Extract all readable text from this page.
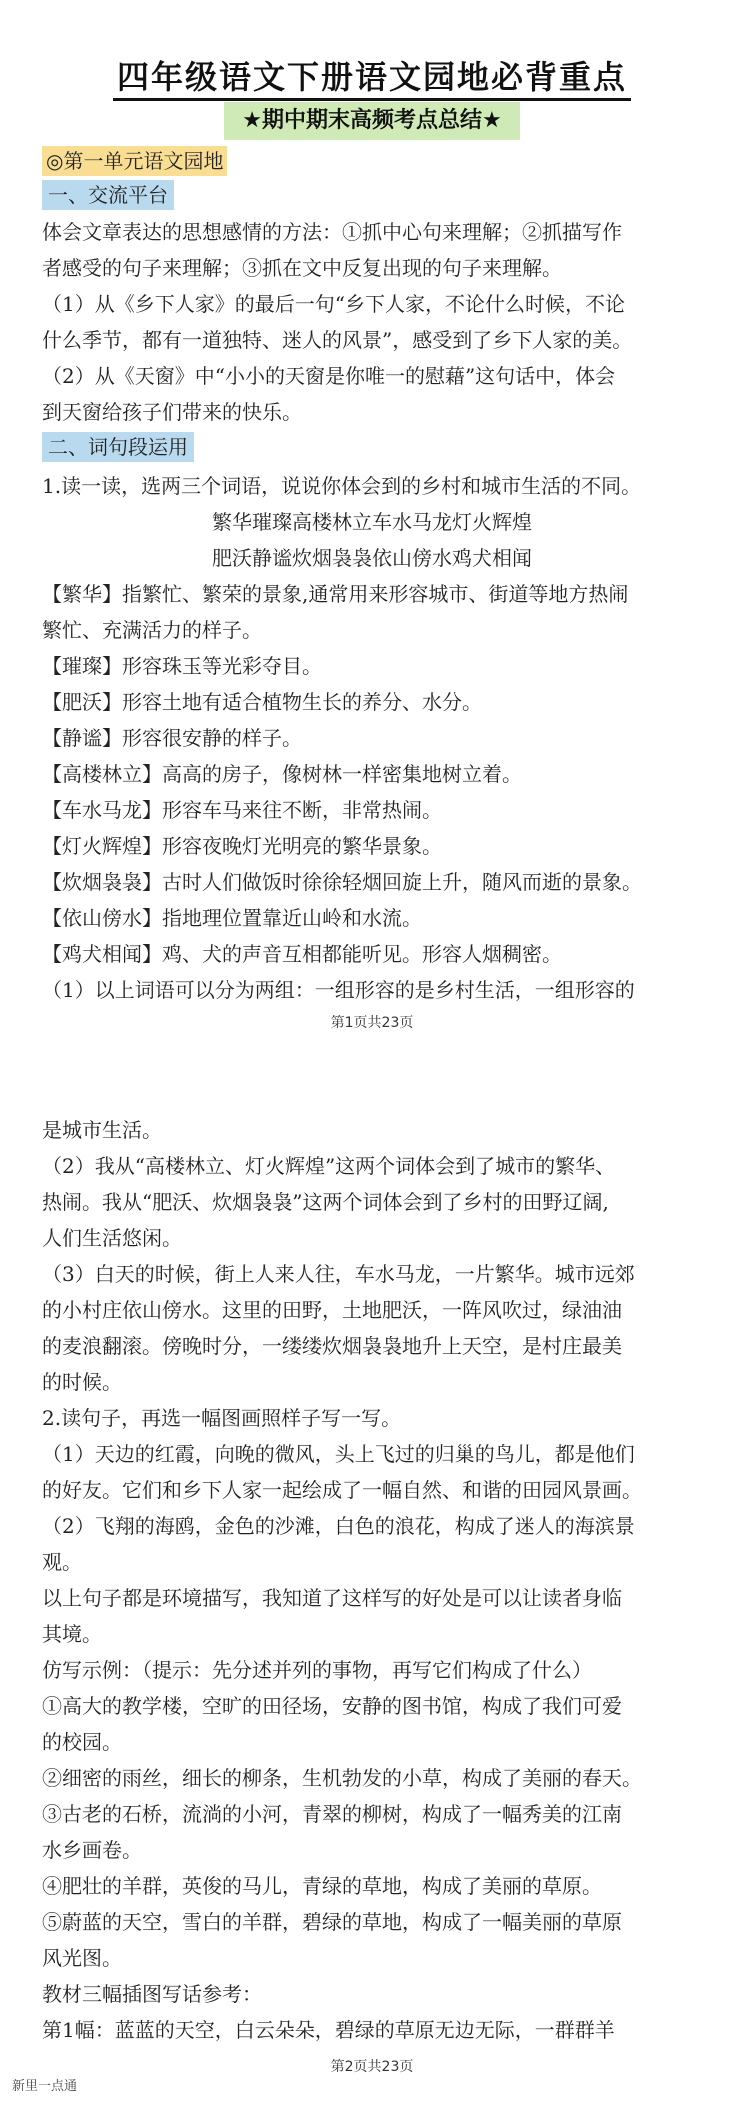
四年级语文下册语文园地必背重点
★期中期末高频考点总结★
◎第一单元语文园地
一、交流平台
体会文章表达的思想感情的方法：①抓中心句来理解；②抓描写作
者感受的句子来理解；③抓在文中反复出现的句子来理解。
（1）从《乡下人家》的最后一句“乡下人家，不论什么时候，不论
什么季节，都有一道独特、迷人的风景”，感受到了乡下人家的美。
（2）从《天窗》中“小小的天窗是你唯一的慰藉”这句话中，体会
到天窗给孩子们带来的快乐。
二、词句段运用
1.读一读，选两三个词语，说说你体会到的乡村和城市生活的不同。
繁华璀璨高楼林立车水马龙灯火辉煌
肥沃静谧炊烟袅袅依山傍水鸡犬相闻
【繁华】指繁忙、繁荣的景象,通常用来形容城市、街道等地方热闹
繁忙、充满活力的样子。
【璀璨】形容珠玉等光彩夺目。
【肥沃】形容土地有适合植物生长的养分、水分。
【静谧】形容很安静的样子。
【高楼林立】高高的房子，像树林一样密集地树立着。
【车水马龙】形容车马来往不断，非常热闹。
【灯火辉煌】形容夜晚灯光明亮的繁华景象。
【炊烟袅袅】古时人们做饭时徐徐轻烟回旋上升，随风而逝的景象。
【依山傍水】指地理位置靠近山岭和水流。
【鸡犬相闻】鸡、犬的声音互相都能听见。形容人烟稠密。
（1）以上词语可以分为两组：一组形容的是乡村生活，一组形容的
第1页共23页
是城市生活。
（2）我从“高楼林立、灯火辉煌”这两个词体会到了城市的繁华、
热闹。我从“肥沃、炊烟袅袅”这两个词体会到了乡村的田野辽阔,
人们生活悠闲。
（3）白天的时候，街上人来人往，车水马龙，一片繁华。城市远郊
的小村庄依山傍水。这里的田野，土地肥沃，一阵风吹过，绿油油
的麦浪翻滚。傍晚时分，一缕缕炊烟袅袅地升上天空，是村庄最美
的时候。
2.读句子，再选一幅图画照样子写一写。
（1）天边的红霞，向晚的微风，头上飞过的归巢的鸟儿，都是他们
的好友。它们和乡下人家一起绘成了一幅自然、和谐的田园风景画。
（2）飞翔的海鸥，金色的沙滩，白色的浪花，构成了迷人的海滨景
观。
以上句子都是环境描写，我知道了这样写的好处是可以让读者身临
其境。
仿写示例：（提示：先分述并列的事物，再写它们构成了什么）
①高大的教学楼，空旷的田径场，安静的图书馆，构成了我们可爱
的校园。
②细密的雨丝，细长的柳条，生机勃发的小草，构成了美丽的春天。
③古老的石桥，流淌的小河，青翠的柳树，构成了一幅秀美的江南
水乡画卷。
④肥壮的羊群，英俊的马儿，青绿的草地，构成了美丽的草原。
⑤蔚蓝的天空，雪白的羊群，碧绿的草地，构成了一幅美丽的草原
风光图。
教材三幅插图写话参考：
第1幅：蓝蓝的天空，白云朵朵，碧绿的草原无边无际，一群群羊
第2页共23页
新里一点通
